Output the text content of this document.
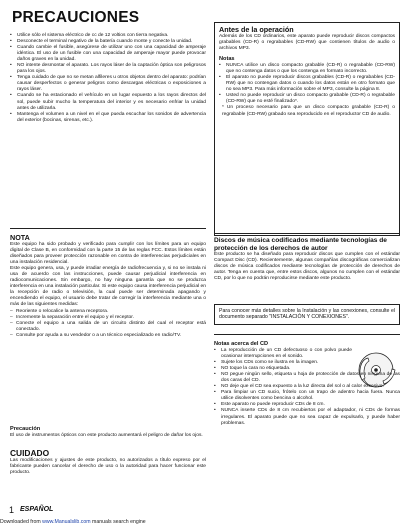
PRECAUCIONES
• Utilice sólo el sistema eléctrico de cc de 12 voltios con tierra negativa.
• Desconecte el terminal negativo de la batería cuando monte y conecte la unidad.
• Cuando cambie el fusible, asegúrese de utilizar uno con una capacidad de amperaje idéntica. El uso de un fusible con una capacidad de amperaje mayor puede provocar daños graves en la unidad.
• NO intente desmontar el aparato. Los rayos láser de la captación óptica son peligrosos para los ojos.
• Tenga cuidado de que no se metan alfileres u otros objetos dentro del aparato: podrían causar desperfectos o generar peligros como descargas eléctricas o exposiciones a rayos láser.
• Cuando se ha estacionado el vehículo en un lugar expuesto a los rayos directos del sol, puede subir mucho la temperatura del interior y es necesario enfriar la unidad antes de utilizarla.
• Mantenga el volumen a un nivel en el que pueda escuchar los sonidos de advertencia del exterior (bocinas, sirenas, etc.).
NOTA

Este equipo ha sido probado y verificado para cumplir con los límites para un equipo digital de Clase B, en conformidad con la parte 15 de las reglas FCC. Estos límites están diseñados para proveer protección razonable en contra de interferencias perjudiciales en una instalación residencial.

Este equipo genera, usa, y puede irradiar energía de radiofrecuencia y, si no se instala ni usa de acuerdo con las instrucciones, puede causar perjudicial interferencia en radiocomunicaciones. Sin embargo, no hay ninguna garantía que no se produzca interferencia en una instalación particular. Si este equipo causa interferencia perjudicial en la recepción de radio o televisión, la cual puede ser determinada apagando y encendiendo el equipo, el usuario debe tratar de corregir la interferencia mediante una o más de las siguientes medidas:

– Reoriente o relocalice la antena receptora.
– Incremente la separación entre el equipo y el receptor.
– Conecte el equipo a una salida de un circuito distinto del cual el receptor está conectado.
– Consulte por ayuda a su vendedor o a un técnico especializado en radio/TV.
Precaución

El uso de instrumentos ópticos con este producto aumentará el peligro de dañar los ojos.

CUIDADO

Las modificaciones y ajustes de este producto, no autorizados a título expreso por el fabricante pueden cancelar el derecho de uso o la autoridad para hacer funcionar este producto.

Antes de la operación

Además de los CD ordinarios, este aparato puede reproducir discos compactos grabables (CD-R) o regrabables (CD-RW) que contienen títulos de audio o archivos MP3.

Notas
• NUNCA utilice un disco compacto grabable (CD-R) o regrabable (CD-RW) que no contenga datos o que los contenga en formato incorrecto.
• El aparato no puede reproducir discos grabables (CD-R) o regrabables (CD-RW) que no contengan datos o cuando los datos están en otro formato que no sea MP3. Para más información sobre el MP3, consulte la página 8.
• Usted no puede reproducir un disco compacto grabable (CD-R) o regrabable (CD-RW) que no esté finalizado*.

* Un proceso necesario para que un disco compacto grabable (CD-R) o regrabable (CD-RW) grabado sea reproducido en el reproductor CD de audio.

Discos de música codificados mediante tecnologías de protección de los derechos de autor

Este producto se ha diseñado para reproducir discos que cumplen con el estándar Compact Disc (CD). Recientemente, algunas compañías discográficas comercializan discos de música codificados mediante tecnologías de protección de derechos de autor. Tenga en cuenta que, entre estos discos, algunos no cumplen con el estándar CD, por lo que no podrán reproducirse mediante este producto.

Para conocer más detalles sobre la Instalación y las conexiones, consulte el documento separado "INSTALACIÓN Y CONEXIONES".

Notas acerca del CD
• La reproducción de un CD defectuoso o con polvo puede ocasionar interrupciones en el sonido.
• Sujete los CDs como se ilustra en la imagen.
• NO toque la cara no etiquetada.
• NO pegue ningún sello, etiqueta u hoja de protección de datos en ninguna de las dos caras del CD.
• NO deje que el CD sea expuesto a la luz directa del sol o al calor excesivo.
• Para limpiar un CD sucio, frótelo con un trapo de adentro hacia fuera. Nunca utilice disolventes como bencina o alcohol.
• Este aparato no puede reproducir CDs de 8 cm.
• NUNCA inserte CDs de 8 cm recubiertos por el adaptador, ni CDs de formas irregulares. El aparato puede que no sea capaz de expulsarlo, y puede haber problemas.
1 ESPAÑOL
Downloaded from www.Manualslib.com manuals search engine
